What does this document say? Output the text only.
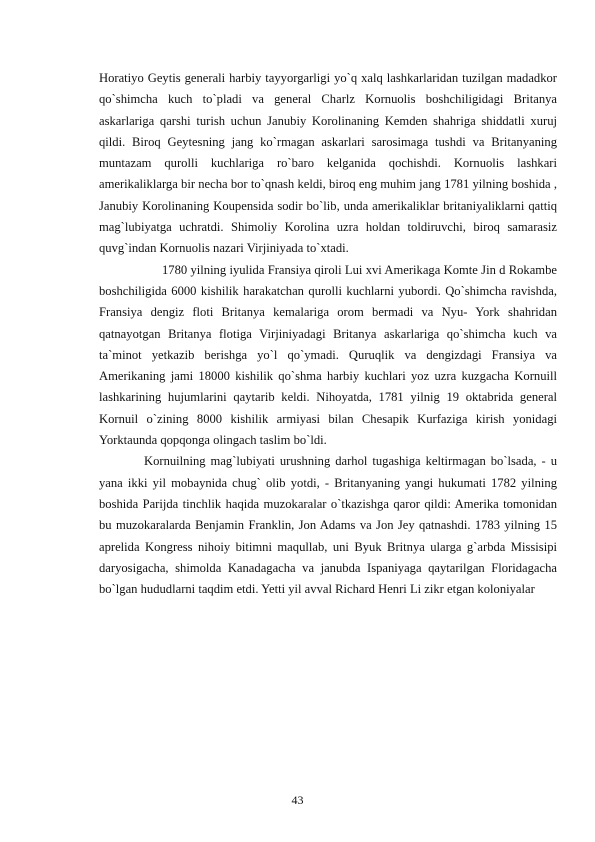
Horatiyo Geytis generali harbiy tayyorgarligi yo`q xalq lashkarlaridan tuzilgan madadkor qo`shimcha kuch to`pladi va general Charlz Kornuolis boshchiligidagi Britanya askarlariga qarshi turish uchun Janubiy Korolinaning Kemden shahriga shiddatli xuruj qildi. Biroq Geytesning jang ko`rmagan askarlari sarosimaga tushdi va Britanyaning muntazam qurolli kuchlariga ro`baro kelganida qochishdi. Kornuolis lashkari amerikaliklarga bir necha bor to`qnash keldi, biroq eng muhim jang 1781 yilning boshida , Janubiy Korolinaning Koupensida sodir bo`lib, unda amerikaliklar britaniyaliklarni qattiq mag`lubiyatga uchratdi. Shimoliy Korolina uzra holdan toldiruvchi, biroq samarasiz quvg`indan Kornuolis nazari Virjiniyada to`xtadi.

1780 yilning iyulida Fransiya qiroli Lui xvi Amerikaga Komte Jin d Rokambe boshchiligida 6000 kishilik harakatchan qurolli kuchlarni yubordi. Qo`shimcha ravishda, Fransiya dengiz floti Britanya kemalariga orom bermadi va Nyu- York shahridan qatnayotgan Britanya flotiga Virjiniyadagi Britanya askarlariga qo`shimcha kuch va ta`minot yetkazib berishga yo`l qo`ymadi. Quruqlik va dengizdagi Fransiya va Amerikaning jami 18000 kishilik qo`shma harbiy kuchlari yoz uzra kuzgacha Kornuill lashkarining hujumlarini qaytarib keldi. Nihoyatda, 1781 yilnig 19 oktabrida general Kornuil o`zining 8000 kishilik armiyasi bilan Chesapik Kurfaziga kirish yonidagi Yorktaunda qopqonga olingach taslim bo`ldi.

Kornuilning mag`lubiyati urushning darhol tugashiga keltirmagan bo`lsada, - u yana ikki yil mobaynida chug` olib yotdi, - Britanyaning yangi hukumati 1782 yilning boshida Parijda tinchlik haqida muzokaralar o`tkazishga qaror qildi: Amerika tomonidan bu muzokaralarda Benjamin Franklin, Jon Adams va Jon Jey qatnashdi. 1783 yilning 15 aprelida Kongress nihoiy bitimni maqullab, uni Byuk Britnya ularga g`arbda Missisipi daryosigacha, shimolda Kanadagacha va janubda Ispaniyaga qaytarilgan Floridagacha bo`lgan hududlarni taqdim etdi. Yetti yil avval Richard Henri Li zikr etgan koloniyalar

43
